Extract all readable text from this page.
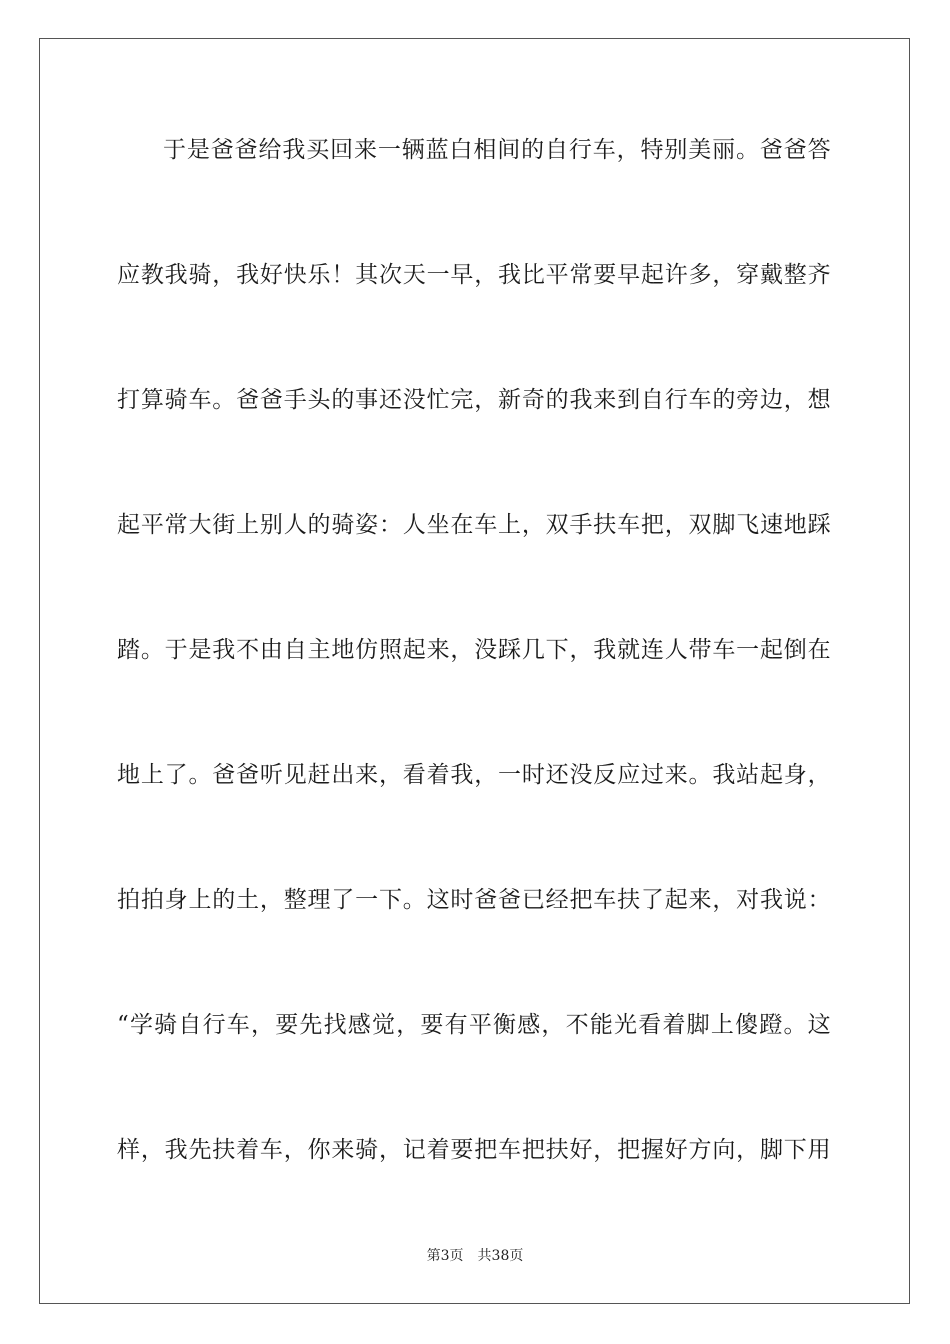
于 是 爸 爸 给 我 买 回 来 一 辆 蓝 白 相 间 的 自 行 车 ， 特 别 美 丽 。 爸 爸 答
应 教 我 骑 ， 我 好 快 乐 ！ 其 次 天 一 早 ， 我 比 平 常 要 早 起 许 多 ， 穿 戴 整 齐
打 算 骑 车 。 爸 爸 手 头 的 事 还 没 忙 完 ， 新 奇 的 我 来 到 自 行 车 的 旁 边 ， 想
起 平 常 大 街 上 别 人 的 骑 姿 ： 人 坐 在 车 上 ， 双 手 扶 车 把 ， 双 脚 飞 速 地 踩
踏 。 于 是 我 不 由 自 主 地 仿 照 起 来 ， 没 踩 几 下 ， 我 就 连 人 带 车 一 起 倒 在
地 上 了 。 爸 爸 听 见 赶 出 来 ， 看 着 我 ， 一 时 还 没 反 应 过 来 。 我 站 起 身 ，
拍 拍 身 上 的 土 ， 整 理 了 一 下 。 这 时 爸 爸 已 经 把 车 扶 了 起 来 ， 对 我 说 ：
“ 学 骑 自 行 车 ， 要 先 找 感 觉 ， 要 有 平 衡 感 ， 不 能 光 看 着 脚 上 傻 蹬 。 这
样 ， 我 先 扶 着 车 ， 你 来 骑 ， 记 着 要 把 车 把 扶 好 ， 把 握 好 方 向 ， 脚 下 用
第3页 共38页
